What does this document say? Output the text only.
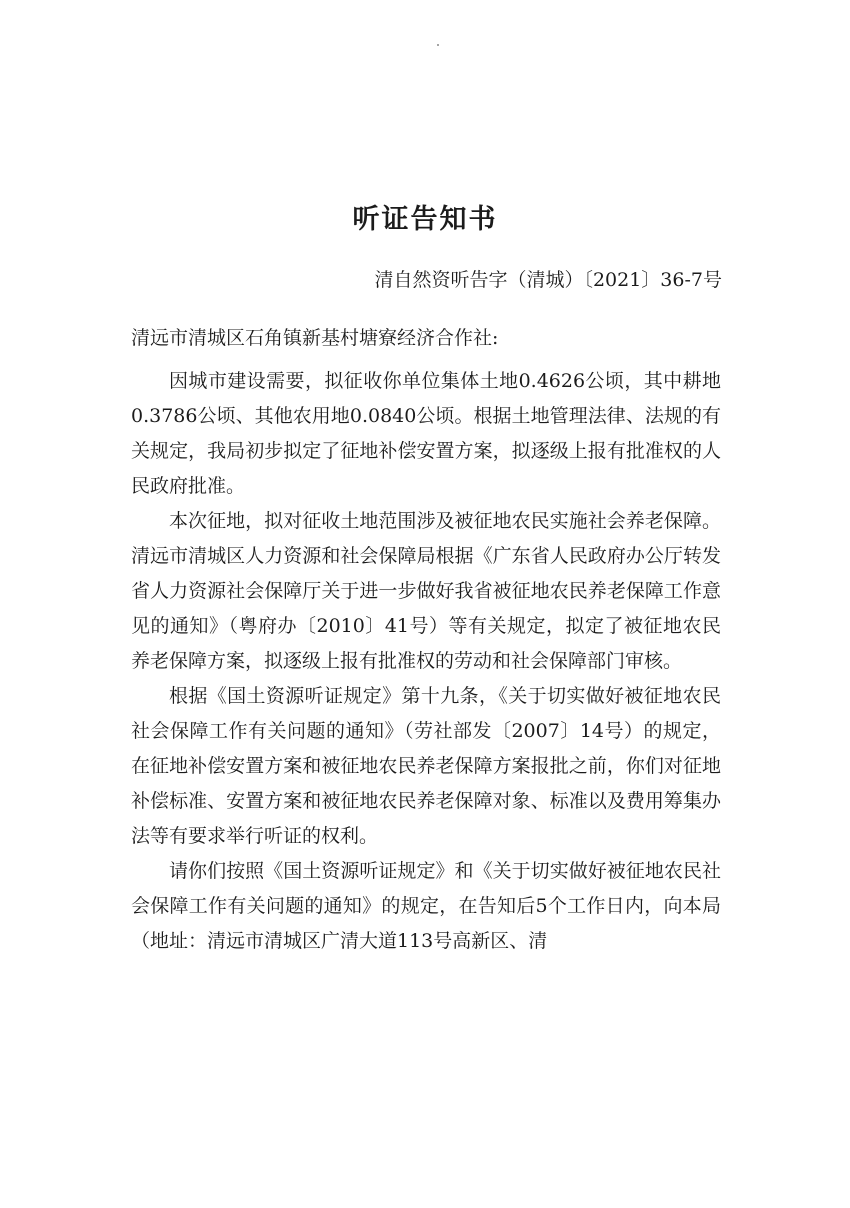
听证告知书
清自然资听告字（清城）〔2021〕36-7号
清远市清城区石角镇新基村塘寮经济合作社:

因城市建设需要，拟征收你单位集体土地0.4626公顷，其中耕地0.3786公顷、其他农用地0.0840公顷。根据土地管理法律、法规的有关规定，我局初步拟定了征地补偿安置方案，拟逐级上报有批准权的人民政府批准。

本次征地，拟对征收土地范围涉及被征地农民实施社会养老保障。清远市清城区人力资源和社会保障局根据《广东省人民政府办公厅转发省人力资源社会保障厅关于进一步做好我省被征地农民养老保障工作意见的通知》（粤府办〔2010〕41号）等有关规定，拟定了被征地农民养老保障方案，拟逐级上报有批准权的劳动和社会保障部门审核。

根据《国土资源听证规定》第十九条，《关于切实做好被征地农民社会保障工作有关问题的通知》（劳社部发〔2007〕14号）的规定，在征地补偿安置方案和被征地农民养老保障方案报批之前，你们对征地补偿标准、安置方案和被征地农民养老保障对象、标准以及费用筹集办法等有要求举行听证的权利。

请你们按照《国土资源听证规定》和《关于切实做好被征地农民社会保障工作有关问题的通知》的规定，在告知后5个工作日内，向本局（地址：清远市清城区广清大道113号高新区、清
